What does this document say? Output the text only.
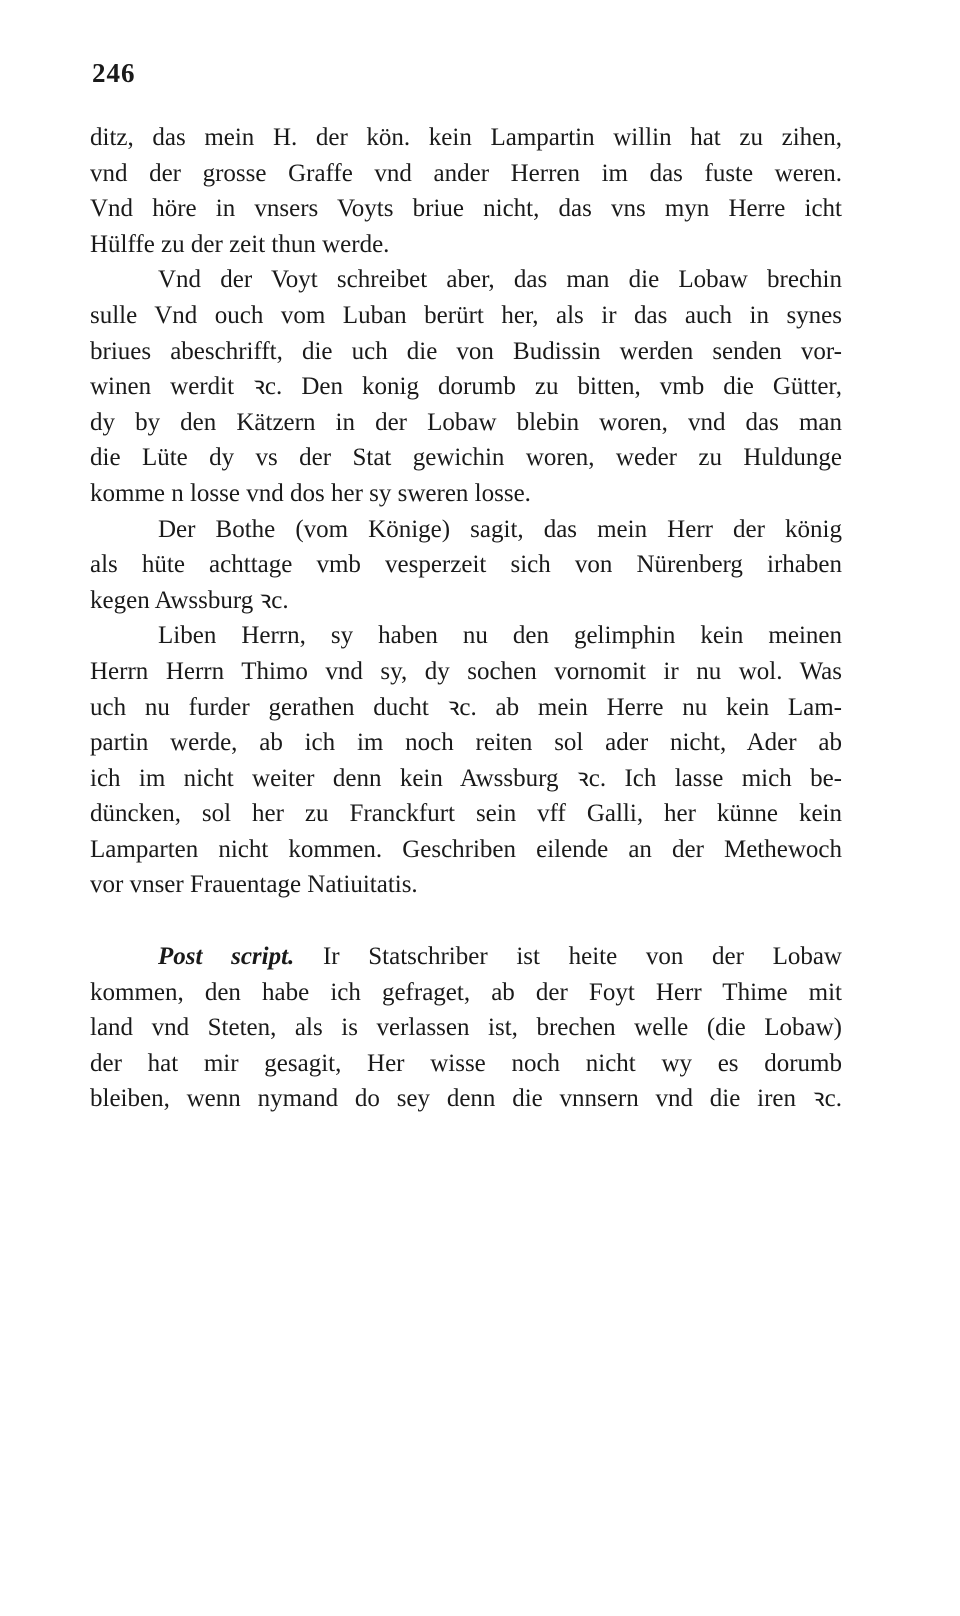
246
ditz, das mein H. der kön. kein Lampartin willin hat zu zihen,
vnd der grosse Graffe vnd ander Herren im das fuste weren.
Vnd höre in vnsers Voyts briue nicht, das vns myn Herre icht
Hülffe zu der zeit thun werde.
Vnd der Voyt schreibet aber, das man die Lobaw brechin
sulle Vnd ouch vom Luban berürt her, als ir das auch in synes
briues abeschrifft, die uch die von Budissin werden senden vor-
winen werdit ꝛc. Den konig dorumb zu bitten, vmb die Gütter,
dy by den Kätzern in der Lobaw blebin woren, vnd das man
die Lüte dy vs der Stat gewichin woren, weder zu Huldunge
komme n losse vnd dos her sy sweren losse.
Der Bothe (vom Könige) sagit, das mein Herr der könig
als hüte achttage vmb vesperzeit sich von Nürenberg irhaben
kegen Awssburg ꝛc.
Liben Herrn, sy haben nu den gelimphin kein meinen
Herrn Herrn Thimo vnd sy, dy sochen vornomit ir nu wol. Was
uch nu furder gerathen ducht ꝛc. ab mein Herre nu kein Lam-
partin werde, ab ich im noch reiten sol ader nicht, Ader ab
ich im nicht weiter denn kein Awssburg ꝛc. Ich lasse mich be-
düncken, sol her zu Franckfurt sein vff Galli, her künne kein
Lamparten nicht kommen. Geschriben eilende an der Methewoch
vor vnser Frauentage Natiuitatis.
Post script. Ir Statschriber ist heite von der Lobaw
kommen, den habe ich gefraget, ab der Foyt Herr Thime mit
land vnd Steten, als is verlassen ist, brechen welle (die Lobaw)
der hat mir gesagit, Her wisse noch nicht wy es dorumb
bleiben, wenn nymand do sey denn die vnnsern vnd die iren ꝛc.
